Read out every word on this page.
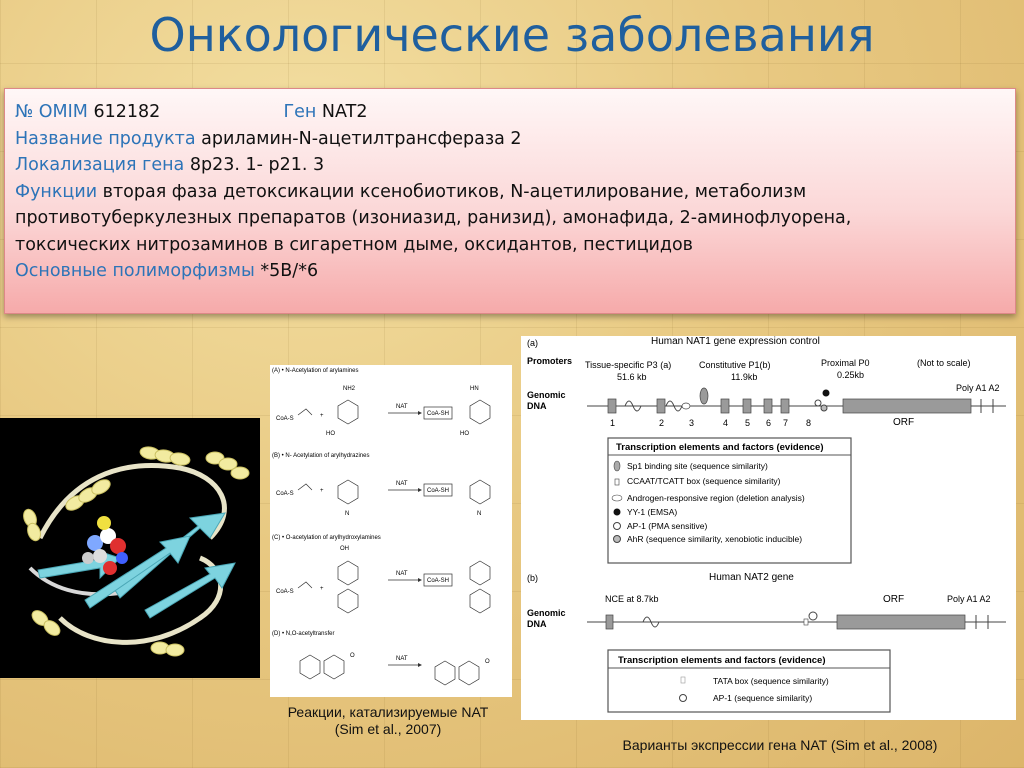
Онкологические заболевания
№ OMIM 612182	Ген NAT2
Название продукта ариламин-N-ацетилтрансфераза 2
Локализация гена 8p23. 1- p21. 3
Функции вторая фаза детоксикации ксенобиотиков, N-ацетилирование, метаболизм
противотуберкулезных препаратов (изониазид, ранизид), амонафида, 2-аминофлуорена,
токсических нитрозаминов в сигаретном дыме, оксидантов, пестицидов
Основные полиморфизмы *5B/*6
(A) • N-Acetylation of arylamines
(B) • N- Acetylation of arylhydrazines
(C) • O-acetylation of arylhydroxylamines
(D) • N,O-acetyltransfer
CoA-S	+
NH2
HO
NAT
CoA-SH
HN
HO
CoA-S	+
N
NAT
CoA-SH
N
CoA-S	+
OH
NAT
CoA-SH
O	NAT	O
(a)	Human NAT1 gene expression control
Promoters Tissue-specific P3 (a)
51.6 kb
Constitutive P1(b)
11.9kb
Proximal P0
0.25kb
(Not to scale)
Genomic
DNA
Poly A1 A2
ORF
1	2	3	4 5 6 7 8
Transcription elements and factors (evidence)
Sp1 binding site (sequence similarity)
CCAAT/TCATT box (sequence similarity)
Androgen-responsive region (deletion analysis)
YY-1 (EMSA)
AP-1 (PMA sensitive)
AhR (sequence similarity, xenobiotic inducible)
(b)	Human NAT2 gene
Genomic
DNA
NCE at 8.7kb	ORF	Poly A1 A2
Transcription elements and factors (evidence)
TATA box (sequence similarity)
AP-1 (sequence similarity)
Реакции, катализируемые NAT
(Sim et al., 2007)
Варианты экспрессии гена NAT (Sim et al., 2008)
